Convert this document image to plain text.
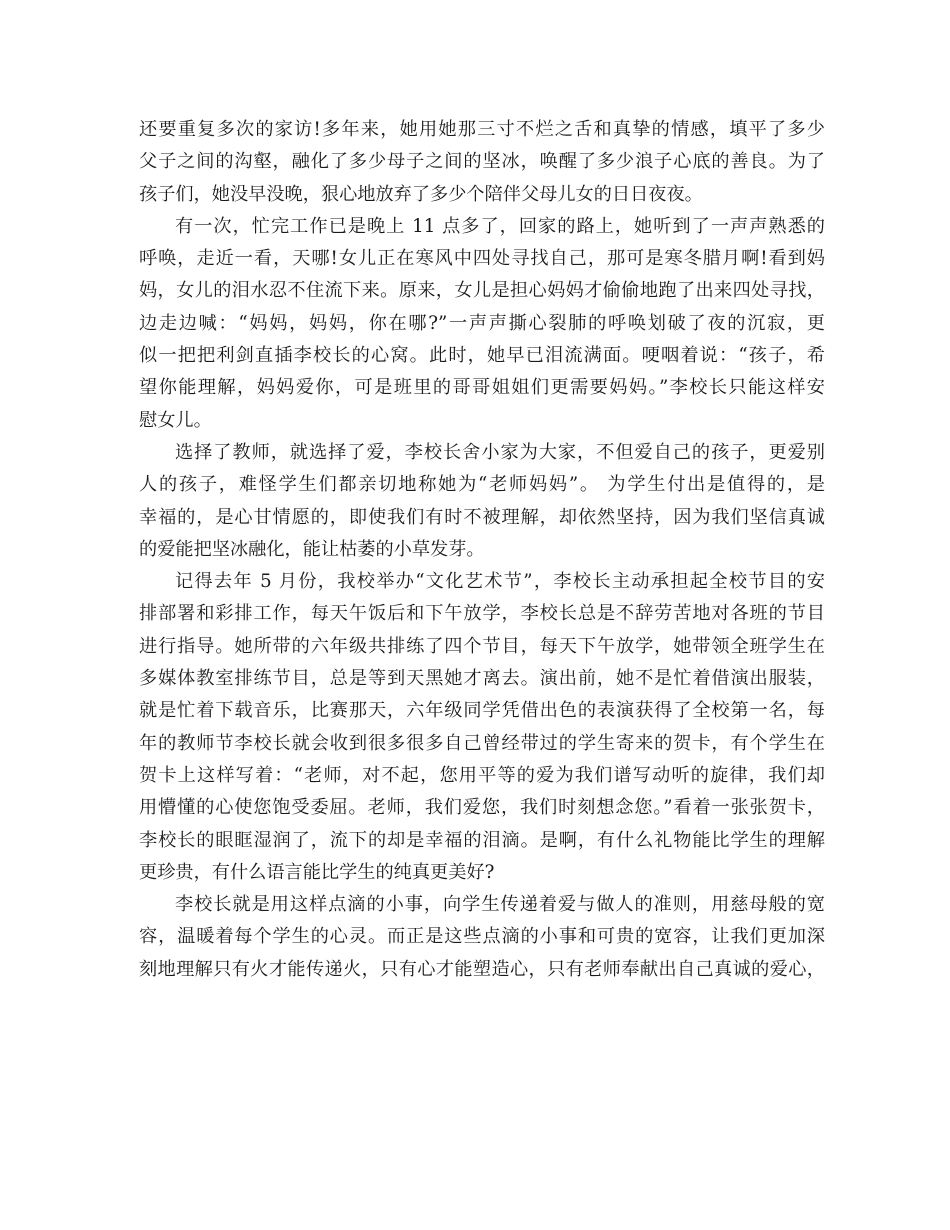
还要重复多次的家访!多年来，她用她那三寸不烂之舌和真挚的情感，填平了多少
父子之间的沟壑，融化了多少母子之间的坚冰，唤醒了多少浪子心底的善良。为了
孩子们，她没早没晚，狠心地放弃了多少个陪伴父母儿女的日日夜夜。
有一次，忙完工作已是晚上 11 点多了，回家的路上，她听到了一声声熟悉的
呼唤，走近一看，天哪!女儿正在寒风中四处寻找自己，那可是寒冬腊月啊!看到妈
妈，女儿的泪水忍不住流下来。原来，女儿是担心妈妈才偷偷地跑了出来四处寻找，
边走边喊：“妈妈，妈妈，你在哪?”一声声撕心裂肺的呼唤划破了夜的沉寂，更
似一把把利剑直插李校长的心窝。此时，她早已泪流满面。哽咽着说：“孩子，希
望你能理解，妈妈爱你，可是班里的哥哥姐姐们更需要妈妈。”李校长只能这样安
慰女儿。
选择了教师，就选择了爱，李校长舍小家为大家，不但爱自己的孩子，更爱别
人的孩子，难怪学生们都亲切地称她为“老师妈妈”。 为学生付出是值得的，是
幸福的，是心甘情愿的，即使我们有时不被理解，却依然坚持，因为我们坚信真诚
的爱能把坚冰融化，能让枯萎的小草发芽。
记得去年 5 月份，我校举办“文化艺术节”，李校长主动承担起全校节目的安
排部署和彩排工作，每天午饭后和下午放学，李校长总是不辞劳苦地对各班的节目
进行指导。她所带的六年级共排练了四个节目，每天下午放学，她带领全班学生在
多媒体教室排练节目，总是等到天黑她才离去。演出前，她不是忙着借演出服装，
就是忙着下载音乐，比赛那天，六年级同学凭借出色的表演获得了全校第一名，每
年的教师节李校长就会收到很多很多自己曾经带过的学生寄来的贺卡，有个学生在
贺卡上这样写着：“老师，对不起，您用平等的爱为我们谱写动听的旋律，我们却
用懵懂的心使您饱受委屈。老师，我们爱您，我们时刻想念您。”看着一张张贺卡，
李校长的眼眶湿润了，流下的却是幸福的泪滴。是啊，有什么礼物能比学生的理解
更珍贵，有什么语言能比学生的纯真更美好?
李校长就是用这样点滴的小事，向学生传递着爱与做人的准则，用慈母般的宽
容，温暖着每个学生的心灵。而正是这些点滴的小事和可贵的宽容，让我们更加深
刻地理解只有火才能传递火，只有心才能塑造心，只有老师奉献出自己真诚的爱心，
